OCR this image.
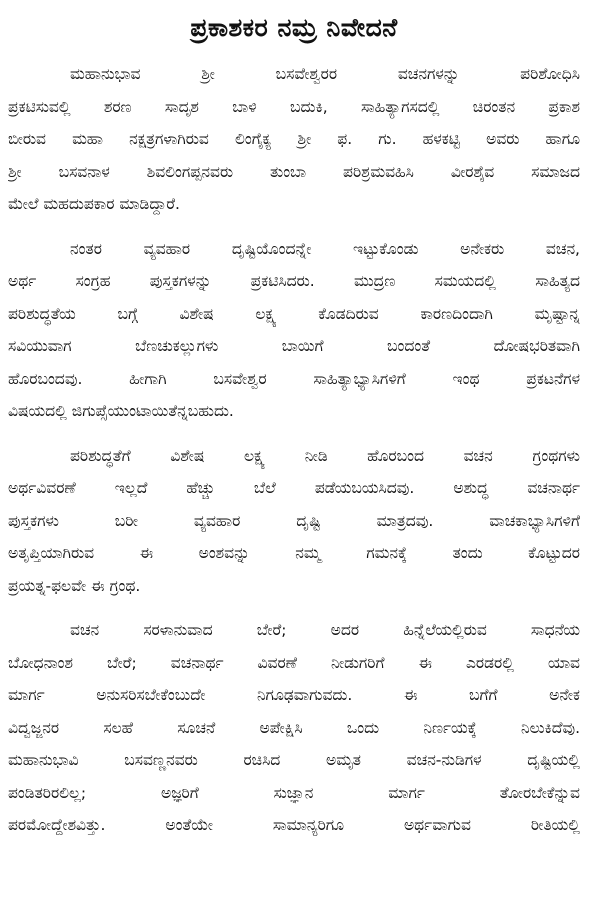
ಪ್ರಕಾಶಕರ ನಮ್ರ ನಿವೇದನೆ
ಮಹಾನುಭಾವ ಶ್ರೀ ಬಸವೇಶ್ವರರ ವಚನಗಳನ್ನು ಪರಿಶೋಧಿಸಿ
ಪ್ರಕಟಿಸುವಲ್ಲಿ ಶರಣ ಸಾದೃಶ ಬಾಳಿ ಬದುಕಿ, ಸಾಹಿತ್ಯಾಗಸದಲ್ಲಿ ಚಿರಂತನ ಪ್ರಕಾಶ
ಬೀರುವ ಮಹಾ ನಕ್ಷತ್ರಗಳಾಗಿರುವ ಲಿಂಗೈಕ್ಯ ಶ್ರೀ ಫ. ಗು. ಹಳಕಟ್ಟಿ ಅವರು ಹಾಗೂ
ಶ್ರೀ ಬಸವನಾಳ ಶಿವಲಿಂಗಪ್ಪನವರು ತುಂಬಾ ಪರಿಶ್ರಮವಹಿಸಿ ವೀರಶೈವ ಸಮಾಜದ
ಮೇಲೆ ಮಹದುಪಕಾರ ಮಾಡಿದ್ದಾರೆ.
ನಂತರ ವ್ಯವಹಾರ ದೃಷ್ಟಿಯೊಂದನ್ನೇ ಇಟ್ಟುಕೊಂಡು ಅನೇಕರು ವಚನ,
ಅರ್ಥ ಸಂಗ್ರಹ ಪುಸ್ತಕಗಳನ್ನು ಪ್ರಕಟಿಸಿದರು. ಮುದ್ರಣ ಸಮಯದಲ್ಲಿ ಸಾಹಿತ್ಯದ
ಪರಿಶುದ್ಧತೆಯ ಬಗ್ಗೆ ವಿಶೇಷ ಲಕ್ಷ್ಯ ಕೊಡದಿರುವ ಕಾರಣದಿಂದಾಗಿ ಮೃಷ್ಟಾನ್ನ
ಸವಿಯುವಾಗ ಬೆಣಚುಕಲ್ಲುಗಳು ಬಾಯಿಗೆ ಬಂದಂತೆ ದೋಷಭರಿತವಾಗಿ
ಹೊರಬಂದವು. ಹೀಗಾಗಿ ಬಸವೇಶ್ವರ ಸಾಹಿತ್ಯಾಭ್ಯಾಸಿಗಳಿಗೆ ಇಂಥ ಪ್ರಕಟನೆಗಳ
ವಿಷಯದಲ್ಲಿ ಜಿಗುಪ್ಸೆಯುಂಟಾಯಿತೆನ್ನಬಹುದು.
ಪರಿಶುದ್ಧತೆಗೆ ವಿಶೇಷ ಲಕ್ಷ್ಯ ನೀಡಿ ಹೊರಬಂದ ವಚನ ಗ್ರಂಥಗಳು
ಅರ್ಥವಿವರಣೆ ಇಲ್ಲದೆ ಹೆಚ್ಚು ಬೆಲೆ ಪಡೆಯಬಯಸಿದವು. ಅಶುದ್ಧ ವಚನಾರ್ಥ
ಪುಸ್ತಕಗಳು ಬರೀ ವ್ಯವಹಾರ ದೃಷ್ಟಿ ಮಾತ್ರದವು. ವಾಚಕಾಭ್ಯಾಸಿಗಳಿಗೆ
ಅತೃಪ್ತಿಯಾಗಿರುವ ಈ ಅಂಶವನ್ನು ನಮ್ಮ ಗಮನಕ್ಕೆ ತಂದು ಕೊಟ್ಟುದರ
ಪ್ರಯತ್ನ-ಫಲವೇ ಈ ಗ್ರಂಥ.
ವಚನ ಸರಳಾನುವಾದ ಬೇರೆ; ಅದರ ಹಿನ್ನೆಲೆಯಲ್ಲಿರುವ ಸಾಧನೆಯ
ಬೋಧನಾಂಶ ಬೇರೆ; ವಚನಾರ್ಥ ವಿವರಣೆ ನೀಡುಗರಿಗೆ ಈ ಎರಡರಲ್ಲಿ ಯಾವ
ಮಾರ್ಗ ಅನುಸರಿಸಬೇಕೆಂಬುದೇ ನಿಗೂಢವಾಗುವದು. ಈ ಬಗೆಗೆ ಅನೇಕ
ವಿದ್ವಜ್ಜನರ ಸಲಹೆ ಸೂಚನೆ ಅಪೇಕ್ಷಿಸಿ ಒಂದು ನಿರ್ಣಯಕ್ಕೆ ನಿಲುಕಿದೆವು.
ಮಹಾನುಭಾವಿ ಬಸವಣ್ಣನವರು ರಚಿಸಿದ ಅಮೃತ ವಚನ-ನುಡಿಗಳ ದೃಷ್ಟಿಯಲ್ಲಿ
ಪಂಡಿತರಿರಲಿಲ್ಲ; ಅಜ್ಞರಿಗೆ ಸುಜ್ಞಾನ ಮಾರ್ಗ ತೋರಬೇಕೆನ್ನುವ
ಪರಮೋದ್ದೇಶವಿತ್ತು. ಅಂತೆಯೇ ಸಾಮಾನ್ಯರಿಗೂ ಅರ್ಥವಾಗುವ ರೀತಿಯಲ್ಲಿ
